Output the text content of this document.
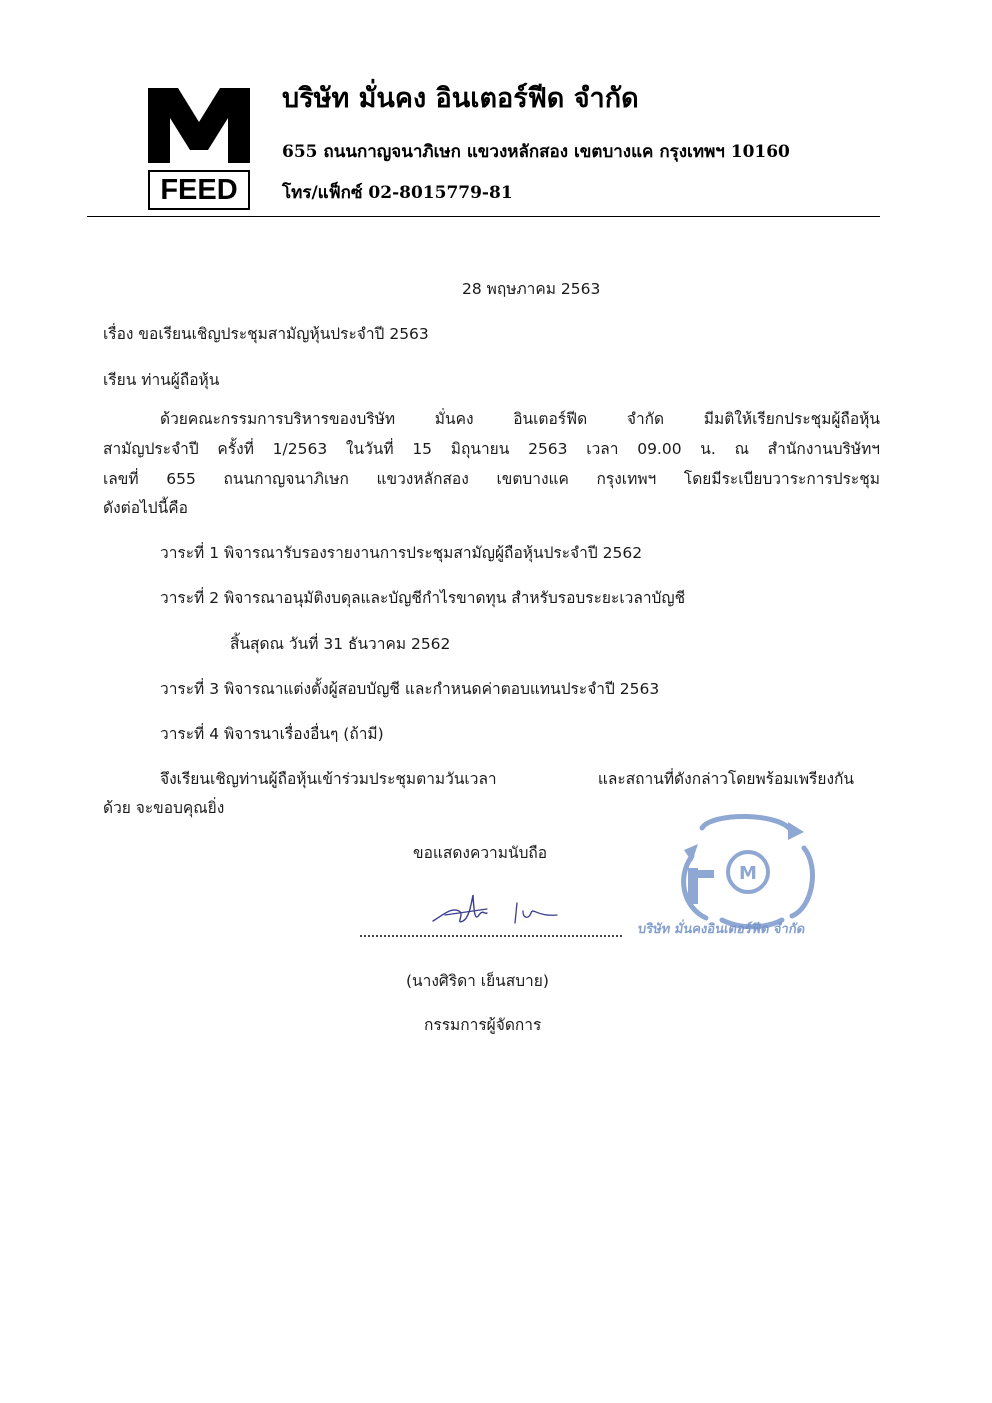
FEED
บริษัท มั่นคง อินเตอร์ฟีด จำกัด
655 ถนนกาญจนาภิเษก แขวงหลักสอง เขตบางแค กรุงเทพฯ 10160
โทร/แฟ็กซ์ 02-8015779-81
28 พฤษภาคม 2563
เรื่อง ขอเรียนเชิญประชุมสามัญหุ้นประจำปี 2563
เรียน ท่านผู้ถือหุ้น
ด้วยคณะกรรมการบริหารของบริษัท มั่นคง อินเตอร์ฟีด จำกัด มีมติให้เรียกประชุมผู้ถือหุ้น
สามัญประจำปี ครั้งที่ 1/2563 ในวันที่ 15 มิถุนายน 2563 เวลา 09.00 น. ณ สำนักงานบริษัทฯ
เลขที่ 655 ถนนกาญจนาภิเษก แขวงหลักสอง เขตบางแค กรุงเทพฯ โดยมีระเบียบวาระการประชุม
ดังต่อไปนี้คือ
วาระที่ 1 พิจารณารับรองรายงานการประชุมสามัญผู้ถือหุ้นประจำปี 2562
วาระที่ 2 พิจารณาอนุมัติงบดุลและบัญชีกำไรขาดทุน สำหรับรอบระยะเวลาบัญชี
สิ้นสุดณ วันที่ 31 ธันวาคม 2562
วาระที่ 3 พิจารณาแต่งตั้งผู้สอบบัญชี และกำหนดค่าตอบแทนประจำปี 2563
วาระที่ 4 พิจารนาเรื่องอื่นๆ (ถ้ามี)
จึงเรียนเชิญท่านผู้ถือหุ้นเข้าร่วมประชุมตามวันเวลา และสถานที่ดังกล่าวโดยพร้อมเพรียงกัน
ด้วย จะขอบคุณยิ่ง
ขอแสดงความนับถือ
(นางศิริดา เย็นสบาย)
กรรมการผู้จัดการ
M
บริษัท มั่นคงอินเตอร์ฟีด จำกัด
